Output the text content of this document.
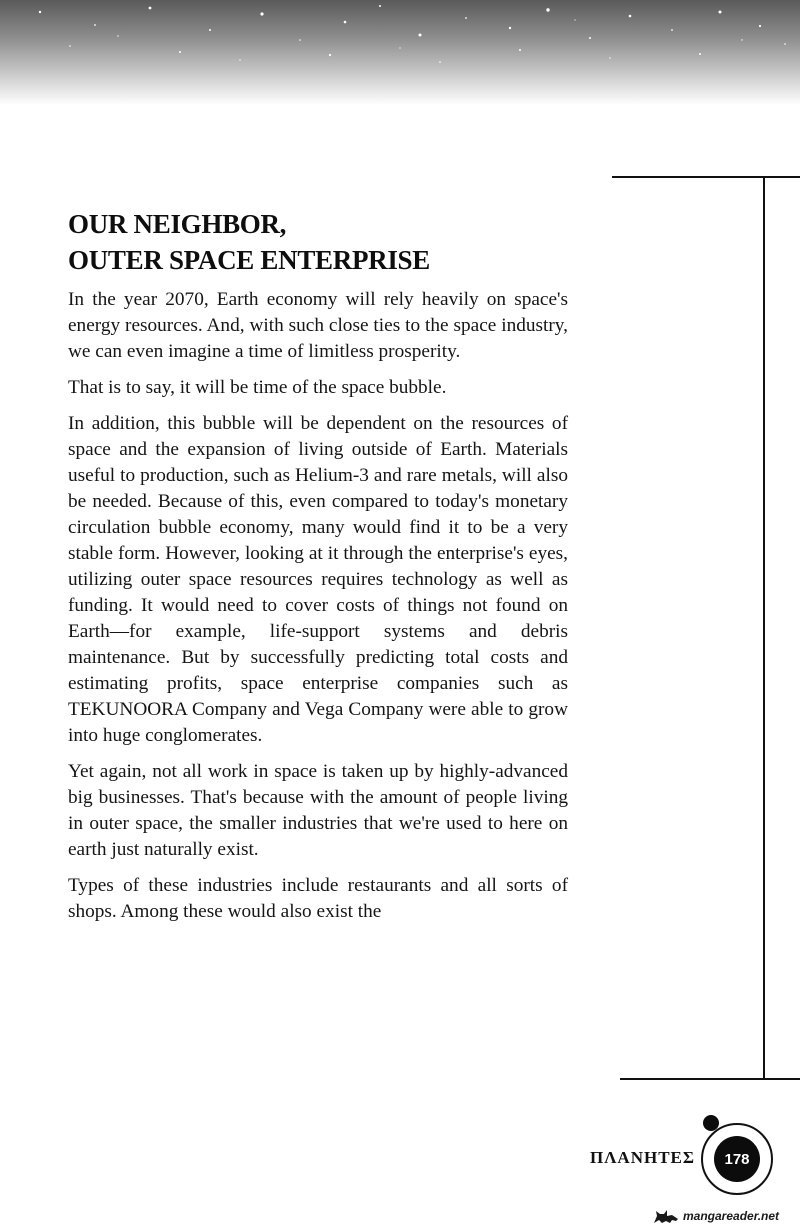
OUR NEIGHBOR,
OUTER SPACE ENTERPRISE

In the year 2070, Earth economy will rely heavily on space's energy resources. And, with such close ties to the space industry, we can even imagine a time of limitless prosperity.

That is to say, it will be time of the space bubble.

In addition, this bubble will be dependent on the resources of space and the expansion of living outside of Earth. Materials useful to production, such as Helium-3 and rare metals, will also be needed. Because of this, even compared to today's monetary circulation bubble economy, many would find it to be a very stable form. However, looking at it through the enterprise's eyes, utilizing outer space resources requires technology as well as funding. It would need to cover costs of things not found on Earth—for example, life-support systems and debris maintenance. But by successfully predicting total costs and estimating profits, space enterprise companies such as TEKUNOORA Company and Vega Company were able to grow into huge conglomerates.

Yet again, not all work in space is taken up by highly-advanced big businesses. That's because with the amount of people living in outer space, the smaller industries that we're used to here on earth just naturally exist.

Types of these industries include restaurants and all sorts of shops. Among these would also exist the

ΠΛΑΝΗΤΕΣ 178
mangareader.net
